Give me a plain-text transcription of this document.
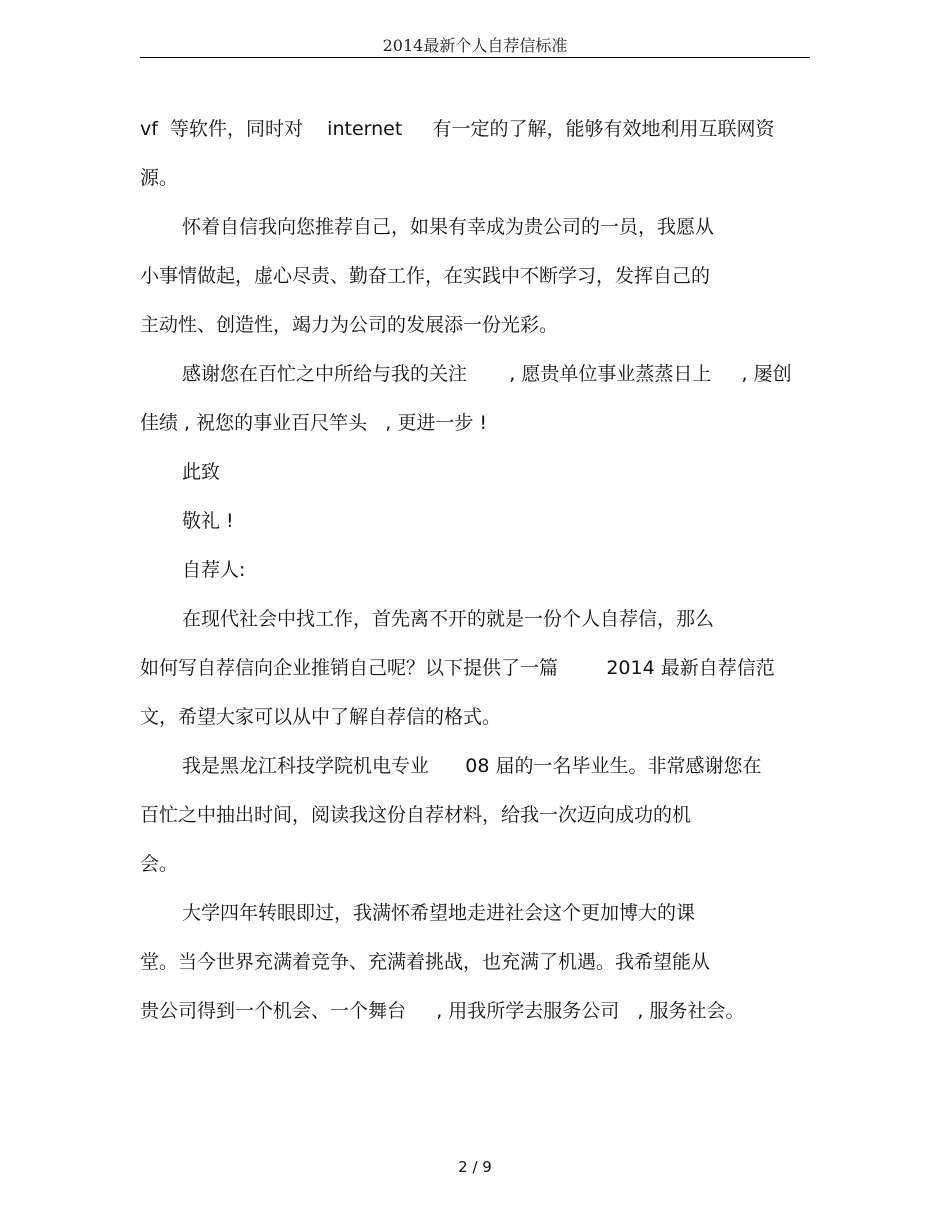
2014最新个人自荐信标准
vf  等软件，同时对    internet     有一定的了解，能够有效地利用互联网资
源。
怀着自信我向您推荐自己，如果有幸成为贵公司的一员，我愿从
小事情做起，虚心尽责、勤奋工作，在实践中不断学习，发挥自己的
主动性、创造性，竭力为公司的发展添一份光彩。
感谢您在百忙之中所给与我的关注       , 愿贵单位事业蒸蒸日上     , 屡创
佳绩 , 祝您的事业百尺竿头   , 更进一步 !
此致
敬礼 !
自荐人:
在现代社会中找工作，首先离不开的就是一份个人自荐信，那么
如何写自荐信向企业推销自己呢？以下提供了一篇        2014 最新自荐信范
文，希望大家可以从中了解自荐信的格式。
我是黑龙江科技学院机电专业      08 届的一名毕业生。非常感谢您在
百忙之中抽出时间，阅读我这份自荐材料，给我一次迈向成功的机
会。
大学四年转眼即过，我满怀希望地走进社会这个更加博大的课
堂。当今世界充满着竞争、充满着挑战，也充满了机遇。我希望能从
贵公司得到一个机会、一个舞台     , 用我所学去服务公司   , 服务社会。
2 / 9
